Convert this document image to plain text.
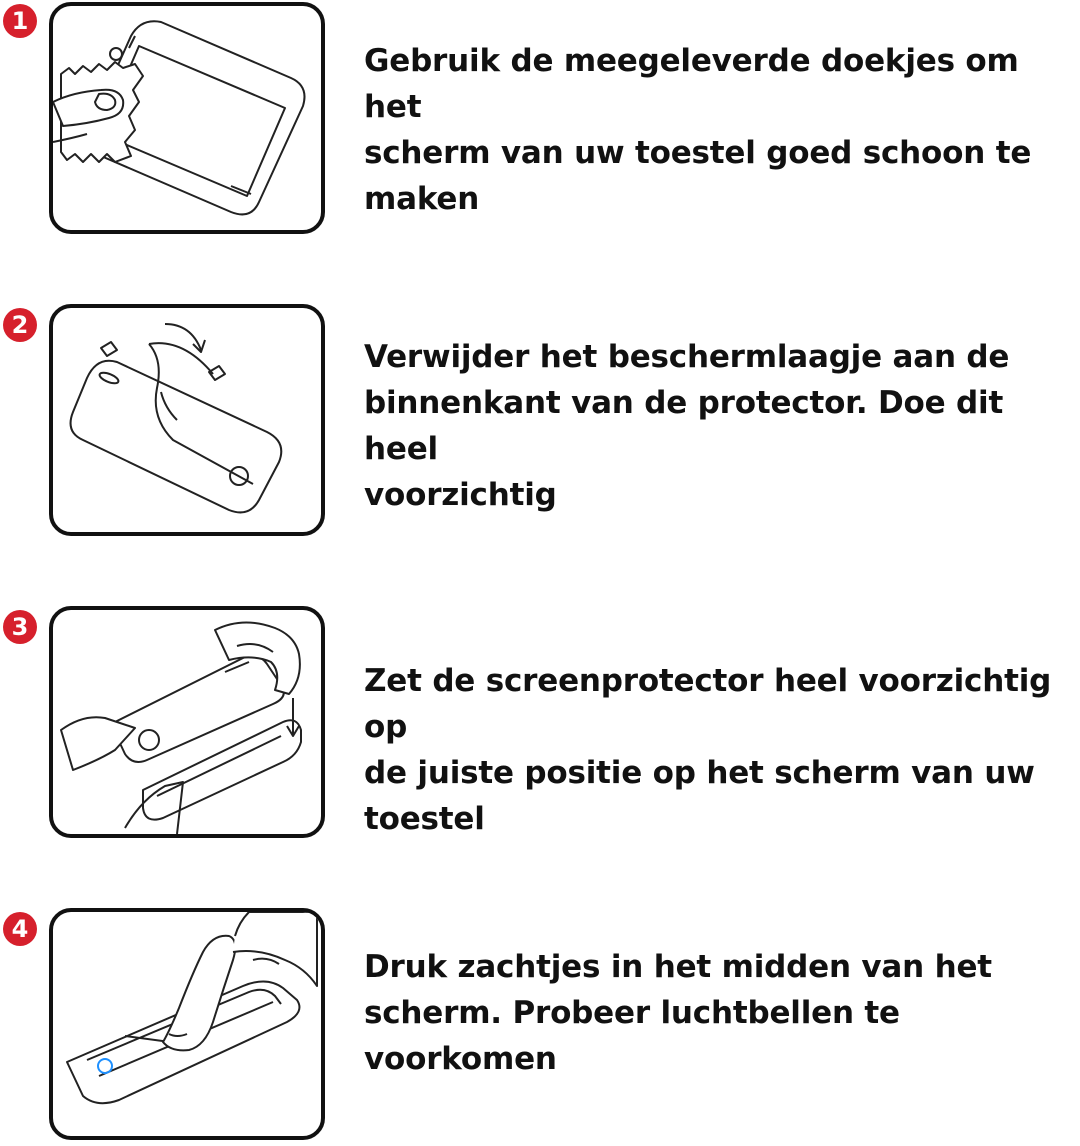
1
Gebruik de meegeleverde doekjes om het
scherm van uw toestel goed schoon te
maken
2
Verwijder het beschermlaagje aan de
binnenkant van de protector. Doe dit heel
voorzichtig
3
Zet de screenprotector heel voorzichtig op
de juiste positie op het scherm van uw
toestel
4
Druk zachtjes in het midden van het
scherm. Probeer luchtbellen te
voorkomen
